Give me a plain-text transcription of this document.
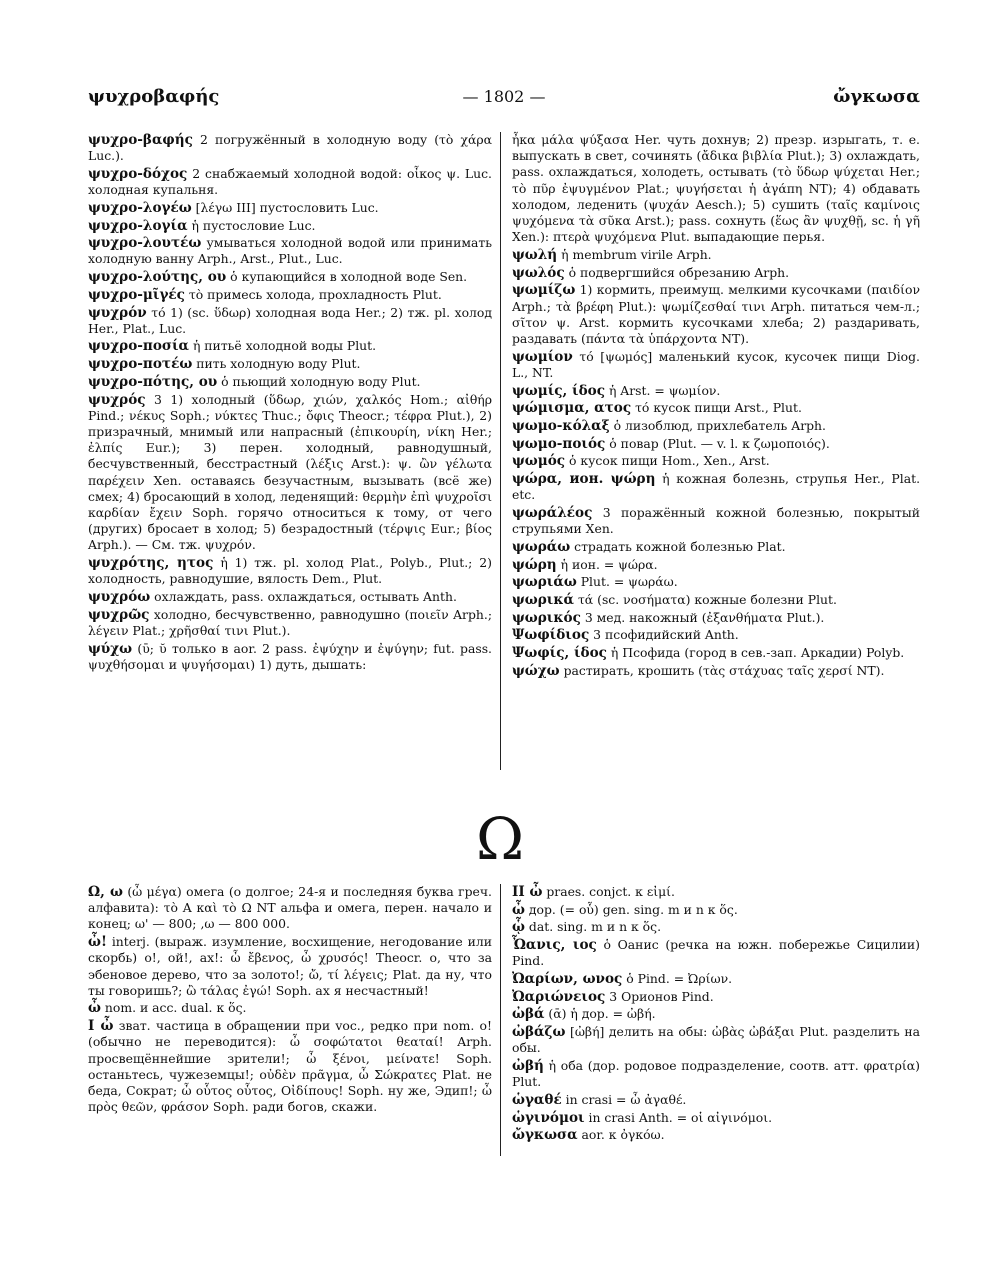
ψυχροβαφής	— 1802 —	ὤγκωσα

ψυχρο-βαφής 2 погружённый в холодную воду (τὸ χάρα Luc.).

ψυχρο-δόχος 2 снабжаемый холодной водой: οἶκος ψ. Luc. холодная купальня.

ψυχρο-λογέω [λέγω III] пустословить Luc.

ψυχρο-λογία ἡ пустословие Luc.

ψυχρο-λουτέω умываться холодной водой или принимать холодную ванну Arph., Arst., Plut., Luc.

ψυχρο-λούτης, ου ὁ купающийся в холодной воде Sen.

ψυχρο-μῖγές τὸ примесь холода, прохладность Plut.

ψυχρόν τό 1) (sc. ὕδωρ) холодная вода Her.; 2) тж. pl. холод Her., Plat., Luc.

ψυχρο-ποσία ἡ питьё холодной воды Plut.

ψυχρο-ποτέω пить холодную воду Plut.

ψυχρο-πότης, ου ὁ пьющий холодную воду Plut.

ψυχρός 3 1) холодный (ὕδωρ, χιών, χαλκός Hom.; αἰθήρ Pind.; νέκυς Soph.; νύκτες Thuc.; ὄφις Theocr.; τέφρα Plut.), 2) призрачный, мнимый или напрасный (ἐπικουρίη, νίκη Her.; ἐλπίς Eur.); 3) перен. холодный, равнодушный, бесчувственный, бесстрастный (λέξις Arst.): ψ. ὢν γέλωτα παρέχειν Xen. оставаясь безучастным, вызывать (всё же) смех; 4) бросающий в холод, леденящий: θερμὴν ἐπὶ ψυχροῖσι καρδίαν ἔχειν Soph. горячо относиться к тому, от чего (других) бросает в холод; 5) безрадостный (τέρψις Eur.; βίος Arph.). — См. тж. ψυχρόν.

ψυχρότης, ητος ἡ 1) тж. pl. холод Plat., Polyb., Plut.; 2) холодность, равнодушие, вялость Dem., Plut.

ψυχρόω охлаждать, pass. охлаждаться, остывать Anth.

ψυχρῶς холодно, бесчувственно, равнодушно (ποιεῖν Arph.; λέγειν Plat.; χρῆσθαί τινι Plut.).

ψύχω (ῡ; ῠ только в aor. 2 pass. ἐψύχην и ἐψύγην; fut. pass. ψυχθήσομαι и ψυγήσομαι) 1) дуть, дышать:

ἦκα μάλα ψύξασα Her. чуть дохнув; 2) презр. изрыгать, т. е. выпускать в свет, сочинять (ἄδικα βιβλία Plut.); 3) охлаждать, pass. охлаждаться, холодеть, остывать (τὸ ὕδωρ ψύχεται Her.; τὸ πῦρ ἐψυγμένον Plat.; ψυγήσεται ἡ ἀγάπη NT); 4) обдавать холодом, леденить (ψυχάν Aesch.); 5) сушить (ταῖς καμίνοις ψυχόμενα τὰ σῦκα Arst.); pass. сохнуть (ἕως ἂν ψυχθῇ, sc. ἡ γῆ Xen.): πτερὰ ψυχόμενα Plut. выпадающие перья.

ψωλή ἡ membrum virile Arph.

ψωλός ὁ подвергшийся обрезанию Arph.

ψωμίζω 1) кормить, преимущ. мелкими кусочками (παιδίον Arph.; τὰ βρέφη Plut.): ψωμίζεσθαί τινι Arph. питаться чем-л.; σῖτον ψ. Arst. кормить кусочками хлеба; 2) раздаривать, раздавать (πάντα τὰ ὑπάρχοντα NT).

ψωμίον τό [ψωμός] маленький кусок, кусочек пищи Diog. L., NT.

ψωμίς, ίδος ἡ Arst. = ψωμίον.

ψώμισμα, ατος τό кусок пищи Arst., Plut.

ψωμο-κόλαξ ὁ лизоблюд, прихлебатель Arph.

ψωμο-ποιός ὁ повар (Plut. — v. l. к ζωμοποιός).

ψωμός ὁ кусок пищи Hom., Xen., Arst.

ψώρα, ион. ψώρη ἡ кожная болезнь, струпья Her., Plat. etc.

ψωράλέος 3 поражённый кожной болезнью, покрытый струпьями Xen.

ψωράω страдать кожной болезнью Plat.

ψώρη ἡ ион. = ψώρα.

ψωριάω Plut. = ψωράω.

ψωρικά τά (sc. νοσήματα) кожные болезни Plut.

ψωρικός 3 мед. накожный (ἐξανθήματα Plut.).

Ψωφίδιος 3 псофидийский Anth.

Ψωφίς, ίδος ἡ Псофида (город в сев.-зап. Аркадии) Polyb.

ψώχω растирать, крошить (τὰς στάχυας ταῖς χερσί NT).

Ω

Ω, ω (ὦ μέγα) омега (о долгое; 24-я и последняя буква греч. алфавита): τὸ Α καὶ τὸ Ω NT альфа и омега, перен. начало и конец; ω' — 800; ‚ω — 800 000.

ὦ! interj. (выраж. изумление, восхищение, негодование или скорбь) о!, ой!, ах!: ὦ ἔβενος, ὦ χρυσός! Theocr. о, что за эбеновое дерево, что за золото!; ὤ, τί λέγεις; Plat. да ну, что ты говоришь?; ὢ τάλας ἐγώ! Soph. ах я несчастный!

ὦ nom. и acc. dual. к ὅς.

I ὦ зват. частица в обращении при voc., редко при nom. о! (обычно не переводится): ὦ σοφώτατοι θεαταί! Arph. просвещённейшие зрители!; ὦ ξένοι, μείνατε! Soph. останьтесь, чужеземцы!; οὐδὲν πρᾶγμα, ὦ Σώκρατες Plat. не беда, Сократ; ὦ οὗτος οὗτος, Οἰδίπους! Soph. ну же, Эдип!; ὦ πρὸς θεῶν, φράσον Soph. ради богов, скажи.

II ὦ praes. conjct. к εἰμί.

ὦ дор. (= οὗ) gen. sing. m и n к ὅς.

ᾧ dat. sing. m и n к ὅς.

Ὦανις, ιος ὁ Оанис (речка на южн. побережье Сицилии) Pind.

Ὠαρίων, ωνος ὁ Pind. = Ὠρίων.

Ὠαριώνειος 3 Орионов Pind.

ὠβά (ᾱ) ἡ дор. = ὠβή.

ὠβάζω [ὠβή] делить на обы: ὠβὰς ὠβάξαι Plut. разделить на обы.

ὠβή ἡ оба (дор. родовое подразделение, соотв. атт. φρατρία) Plut.

ὡγαθέ in crasi = ὦ ἀγαθέ.

ὡγινόμοι in crasi Anth. = οἱ αἰγινόμοι.

ὤγκωσα aor. к ὀγκόω.
